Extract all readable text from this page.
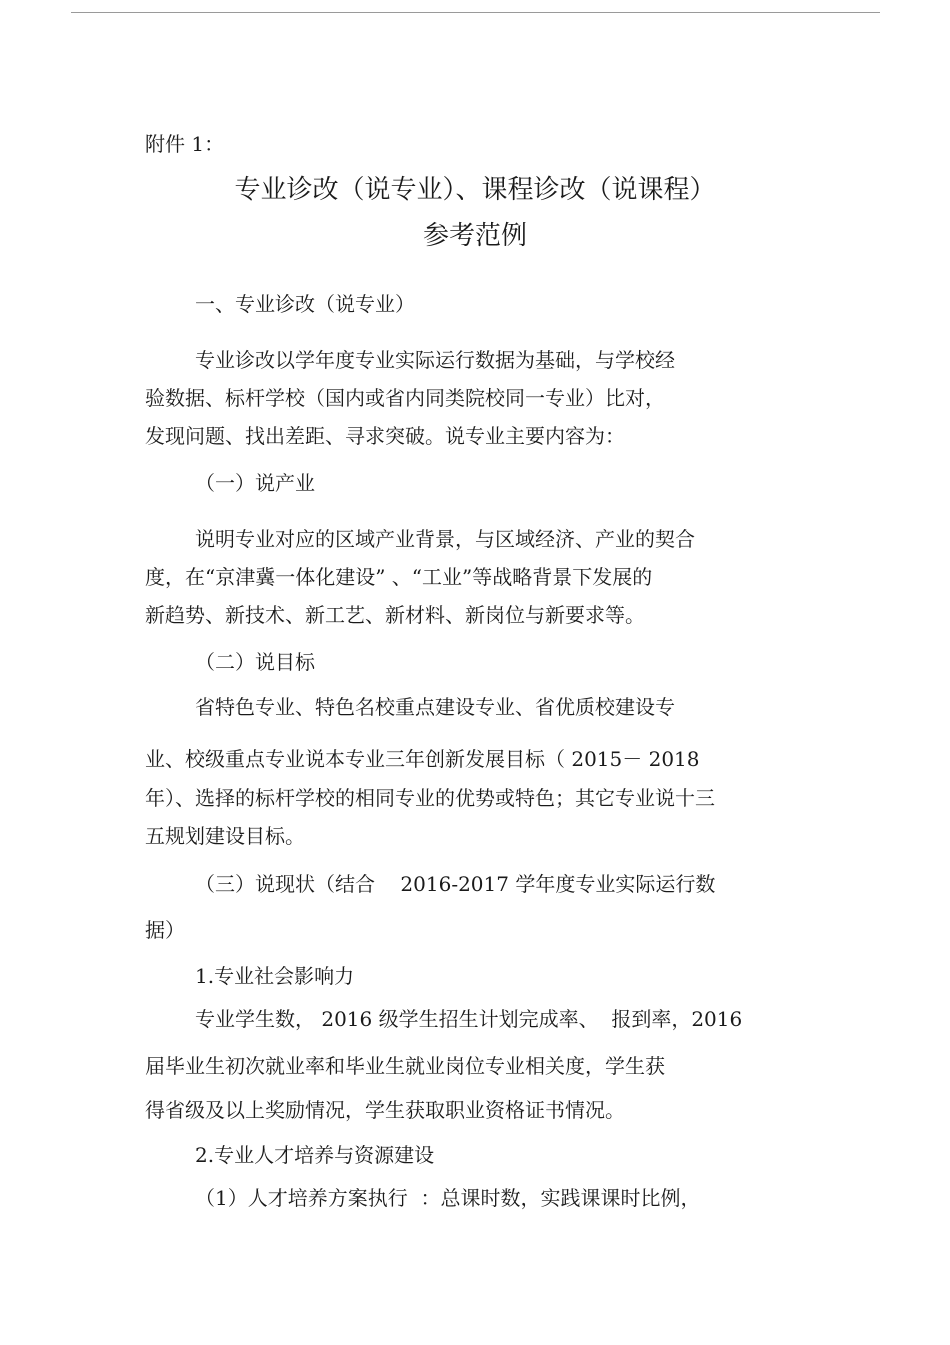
附件 1：
专业诊改（说专业）、课程诊改（说课程）
参考范例
一、专业诊改（说专业）
专业诊改以学年度专业实际运行数据为基础，与学校经
验数据、标杆学校（国内或省内同类院校同一专业）比对，
发现问题、找出差距、寻求突破。说专业主要内容为：
（一）说产业
说明专业对应的区域产业背景，与区域经济、产业的契合
度，在“京津冀一体化建设” 、“工业”等战略背景下发展的
新趋势、新技术、新工艺、新材料、新岗位与新要求等。
（二）说目标
省特色专业、特色名校重点建设专业、省优质校建设专
业、校级重点专业说本专业三年创新发展目标（ 2015－ 2018
年）、选择的标杆学校的相同专业的优势或特色；其它专业说十三
五规划建设目标。
（三）说现状（结合    2016-2017 学年度专业实际运行数
据）
1.专业社会影响力
专业学生数， 2016 级学生招生计划完成率、  报到率，2016
届毕业生初次就业率和毕业生就业岗位专业相关度，学生获
得省级及以上奖励情况，学生获取职业资格证书情况。
2.专业人才培养与资源建设
（1）人才培养方案执行  ：总课时数，实践课课时比例，
